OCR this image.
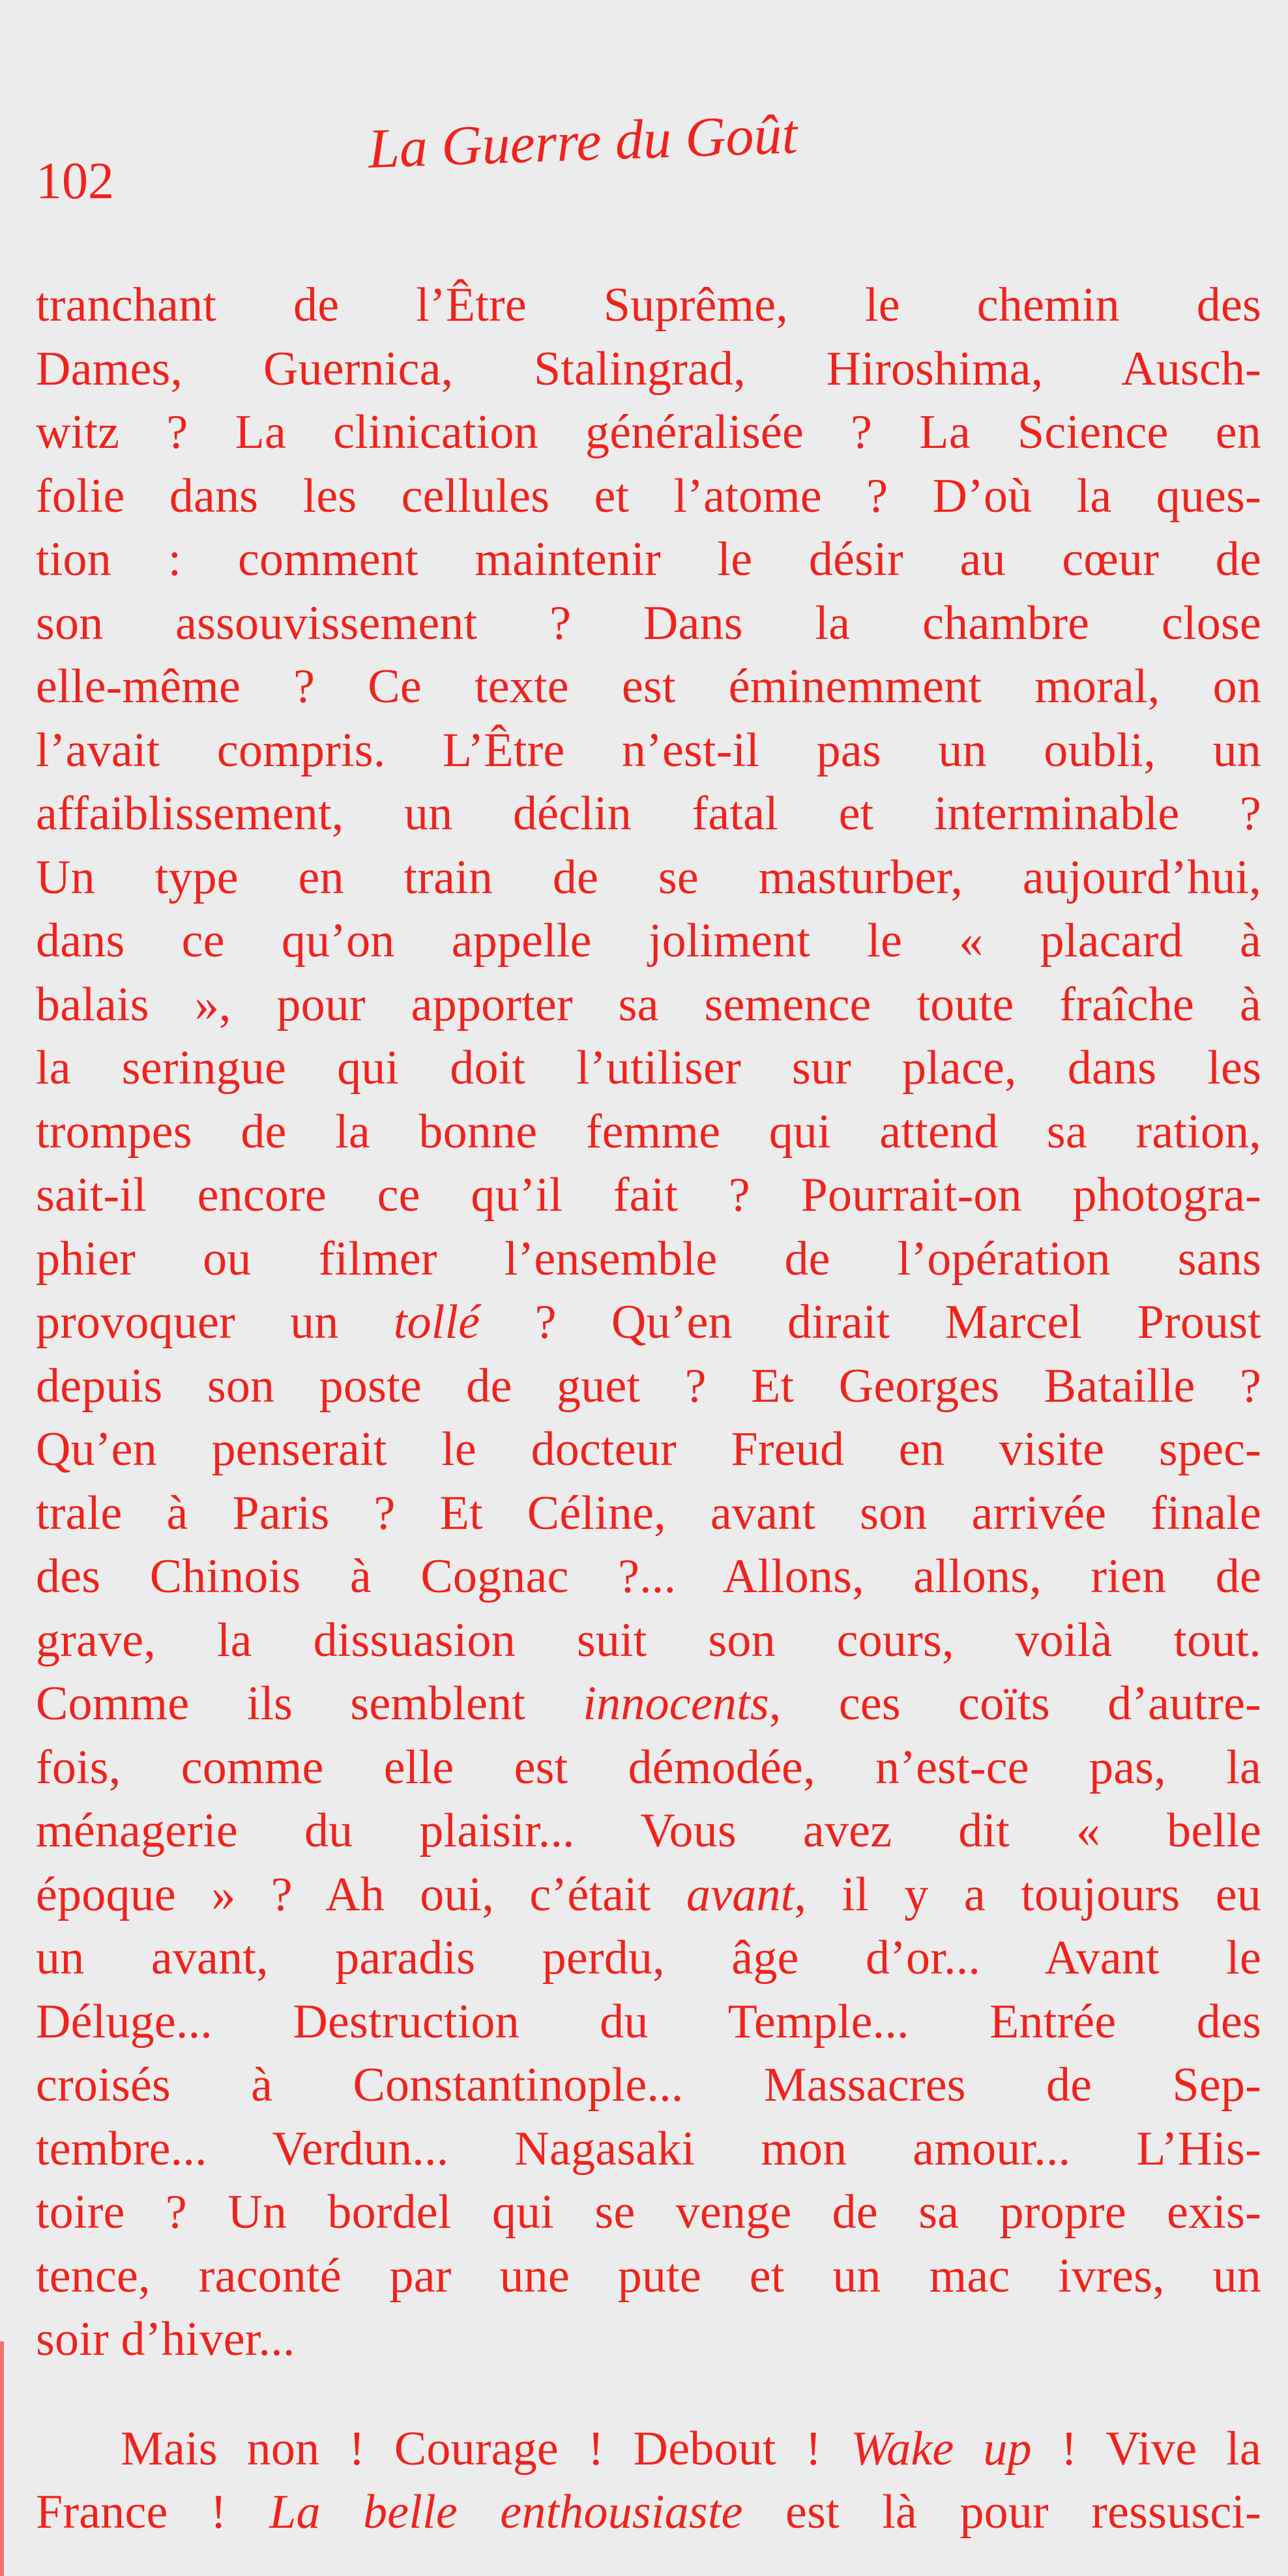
102
La Guerre du Goût
tranchant de l’Être Suprême, le chemin des
Dames, Guernica, Stalingrad, Hiroshima, Ausch-
witz ? La clinication généralisée ? La Science en
folie dans les cellules et l’atome ? D’où la ques-
tion : comment maintenir le désir au cœur de
son assouvissement ? Dans la chambre close
elle-même ? Ce texte est éminemment moral, on
l’avait compris. L’Être n’est-il pas un oubli, un
affaiblissement, un déclin fatal et interminable ?
Un type en train de se masturber, aujourd’hui,
dans ce qu’on appelle joliment le « placard à
balais », pour apporter sa semence toute fraîche à
la seringue qui doit l’utiliser sur place, dans les
trompes de la bonne femme qui attend sa ration,
sait-il encore ce qu’il fait ? Pourrait-on photogra-
phier ou filmer l’ensemble de l’opération sans
provoquer un tollé ? Qu’en dirait Marcel Proust
depuis son poste de guet ? Et Georges Bataille ?
Qu’en penserait le docteur Freud en visite spec-
trale à Paris ? Et Céline, avant son arrivée finale
des Chinois à Cognac ?... Allons, allons, rien de
grave, la dissuasion suit son cours, voilà tout.
Comme ils semblent innocents, ces coïts d’autre-
fois, comme elle est démodée, n’est-ce pas, la
ménagerie du plaisir... Vous avez dit « belle
époque » ? Ah oui, c’était avant, il y a toujours eu
un avant, paradis perdu, âge d’or... Avant le
Déluge... Destruction du Temple... Entrée des
croisés à Constantinople... Massacres de Sep-
tembre... Verdun... Nagasaki mon amour... L’His-
toire ? Un bordel qui se venge de sa propre exis-
tence, raconté par une pute et un mac ivres, un
soir d’hiver...
Mais non ! Courage ! Debout ! Wake up ! Vive la
France ! La belle enthousiaste est là pour ressusci-
